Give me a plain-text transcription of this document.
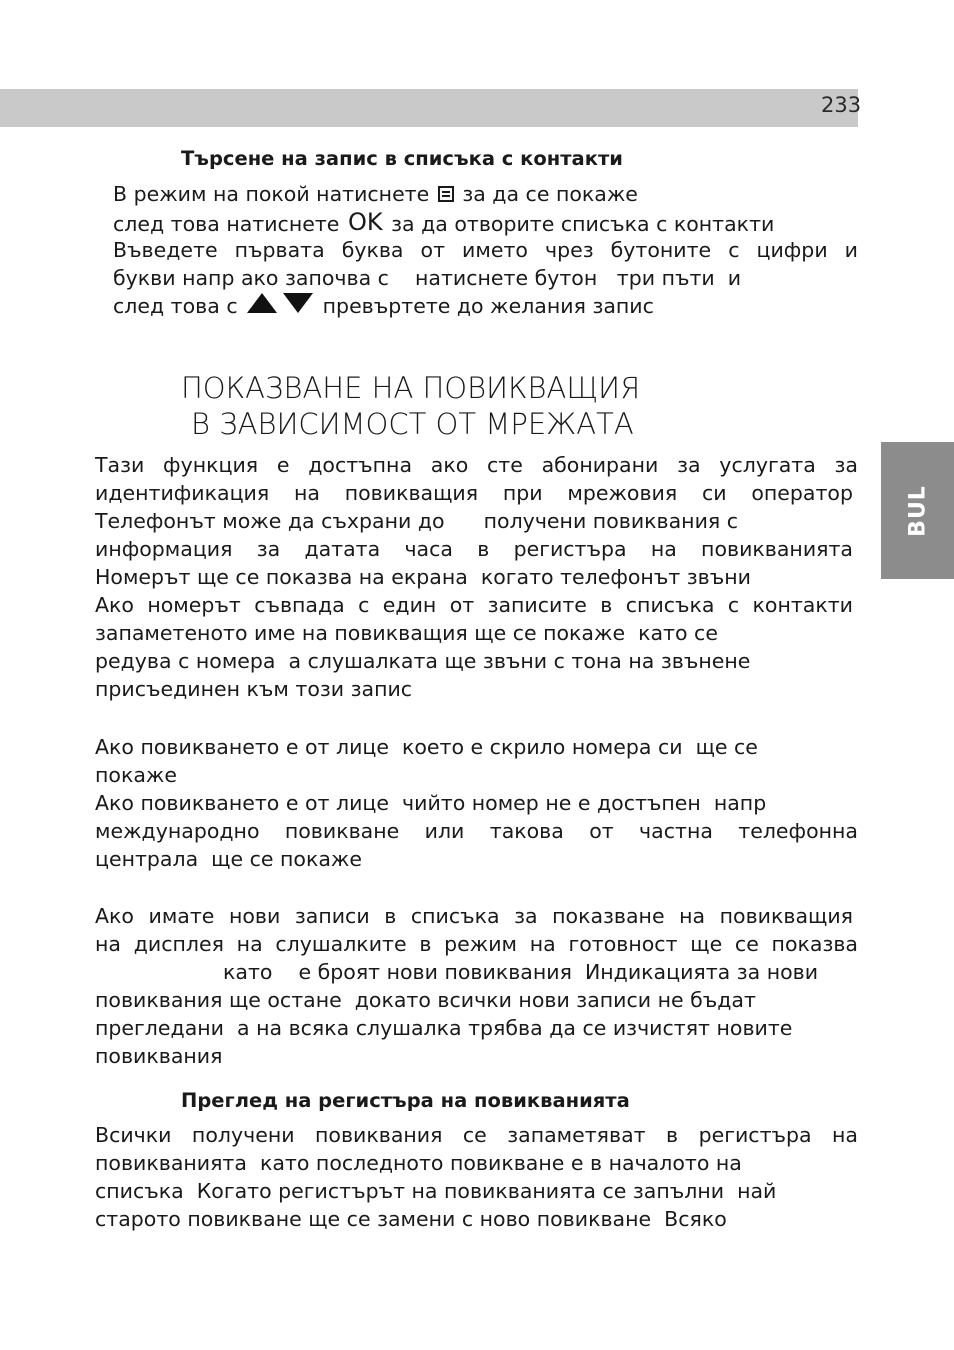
233
BUL
Търсене на запис в списъка с контакти
В режим на покой натиснете за да се покаже
след това натиснете OK за да отворите списъка с контакти
Въведете първата буква от името чрез бутоните с цифри и
букви напр ако започва с    натиснете бутон   три пъти  и
след това с	превъртете до желания запис
ПОКАЗВАНЕ НА ПОВИКВАЩИЯ
В ЗАВИСИМОСТ ОТ МРЕЖАТА
Тази функция е достъпна ако сте абонирани за услугата за
идентификация на повикващия при мрежовия си оператор
Телефонът може да съхрани до      получени повиквания с
информация за датата часа в регистъра на повикванията
Номерът ще се показва на екрана  когато телефонът звъни
Ако номерът съвпада с един от записите в списъка с контакти
запаметеното име на повикващия ще се покаже  като се
редува с номера  а слушалката ще звъни с тона на звънене
присъединен към този запис
Ако повикването е от лице  което е скрило номера си  ще се
покаже
Ако повикването е от лице  чийто номер не е достъпен  напр
международно повикване или такова от частна телефонна
централа  ще се покаже
Ако имате нови записи в списъка за показване на повикващия
на дисплея на слушалките в режим на готовност ще се показва
като    е броят нови повиквания  Индикацията за нови
повиквания ще остане  докато всички нови записи не бъдат
прегледани  а на всяка слушалка трябва да се изчистят новите
повиквания
Преглед на регистъра на повикванията
Всички получени повиквания се запаметяват в регистъра на
повикванията  като последното повикване е в началото на
списъка  Когато регистърът на повикванията се запълни  най
старото повикване ще се замени с ново повикване  Всяко
